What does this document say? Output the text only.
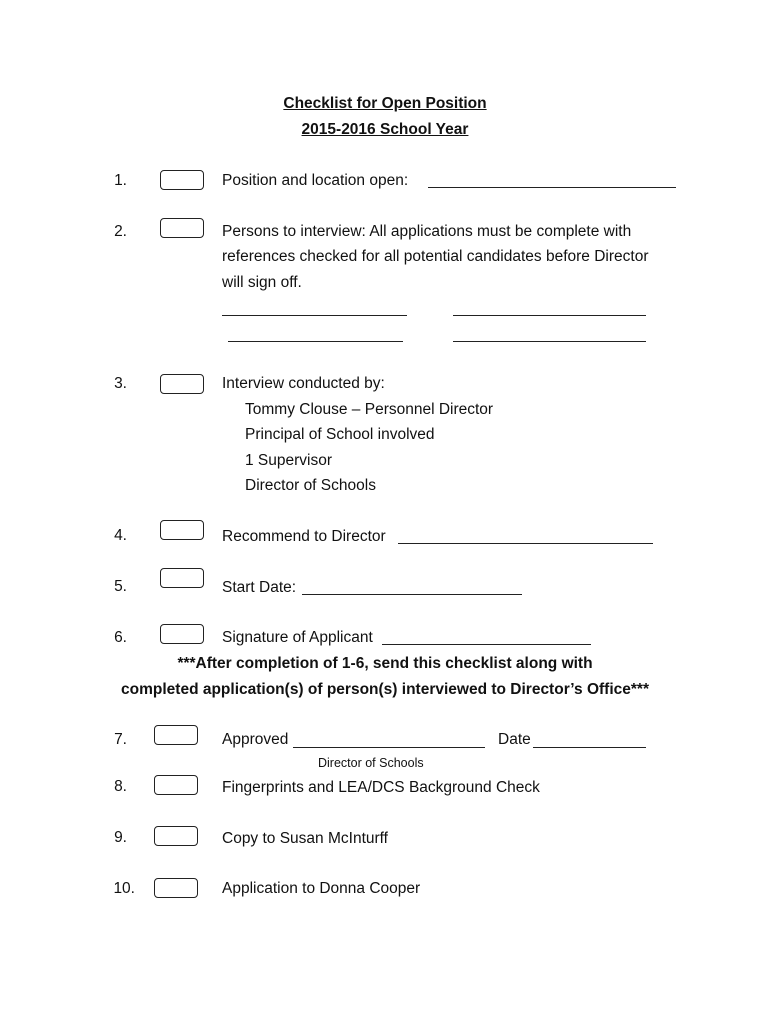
Checklist for Open Position
2015-2016 School Year
1.	Position and location open:
2.	Persons to interview: All applications must be complete with
references checked for all potential candidates before Director
will sign off.
3.	Interview conducted by:
Tommy Clouse – Personnel Director
Principal of School involved
1 Supervisor
Director of Schools
4.	Recommend to Director
5.	Start Date:
6.	Signature of Applicant
***After completion of 1-6, send this checklist along with
completed application(s) of person(s) interviewed to Director’s Office***
7.	Approved	Date
Director of Schools
8.	Fingerprints and LEA/DCS Background Check
9.	Copy to Susan McInturff
10.	Application to Donna Cooper
